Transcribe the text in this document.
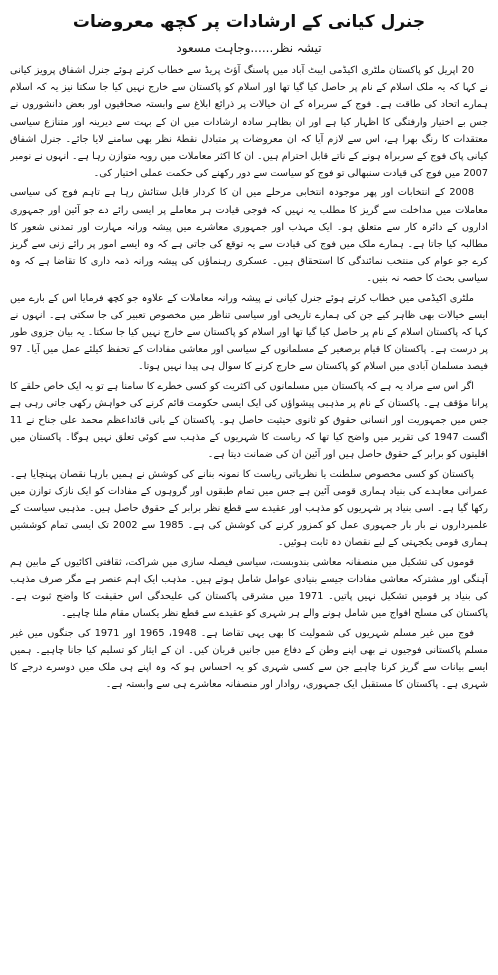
جنرل کیانی کے ارشادات پر کچھ معروضات
تیشہ نظر......وجاہت مسعود

20 اپریل کو پاکستان ملٹری اکیڈمی ایبٹ آباد میں پاسنگ آؤٹ پریڈ سے خطاب کرتے ہوئے جنرل اشفاق پرویز کیانی نے کہا کہ یہ ملک اسلام کے نام پر حاصل کیا گیا تھا اور اسلام کو پاکستان سے خارج نہیں کیا جا سکتا نیز یہ کہ اسلام ہمارے اتحاد کی طاقت ہے۔ فوج کے سربراہ کے ان خیالات پر ذرائع ابلاغ سے وابستہ صحافیوں اور بعض دانشوروں نے جس بے اختیار وارفتگی کا اظہار کیا ہے اور ان بظاہر سادہ ارشادات میں ان کے بہت سے دیرینہ اور متنازع سیاسی معتقدات کا رنگ بھرا ہے، اس سے لازم آیا کہ ان معروضات پر متبادل نقطۂ نظر بھی سامنے لایا جائے۔ جنرل اشفاق کیانی پاک فوج کے سربراہ ہونے کے ناتے قابل احترام ہیں۔ ان کا اکثر معاملات میں رویہ متوازن رہا ہے۔ انہوں نے نومبر 2007 میں فوج کی قیادت سنبھالی تو فوج کو سیاست سے دور رکھنے کی حکمت عملی اختیار کی۔

2008 کے انتخابات اور پھر موجودہ انتخابی مرحلے میں ان کا کردار قابل ستائش رہا ہے تاہم فوج کی سیاسی معاملات میں مداخلت سے گریز کا مطلب یہ نہیں کہ فوجی قیادت ہر معاملے پر ایسی رائے دے جو آئین اور جمہوری اداروں کے دائرہ کار سے متعلق ہو۔ ایک مہذب اور جمہوری معاشرے میں پیشہ ورانہ مہارت اور تمدنی شعور کا مطالبہ کیا جاتا ہے۔ ہمارے ملک میں فوج کی قیادت سے یہ توقع کی جاتی ہے کہ وہ ایسے امور پر رائے زنی سے گریز کرے جو عوام کی منتخب نمائندگی کا استحقاق ہیں۔ عسکری رہنماؤں کی پیشہ ورانہ ذمہ داری کا تقاضا ہے کہ وہ سیاسی بحث کا حصہ نہ بنیں۔

ملٹری اکیڈمی میں خطاب کرتے ہوئے جنرل کیانی نے پیشہ ورانہ معاملات کے علاوہ جو کچھ فرمایا اس کے بارے میں ایسے خیالات بھی ظاہر کیے جن کی ہمارے تاریخی اور سیاسی تناظر میں مخصوص تعبیر کی جا سکتی ہے۔ انہوں نے کہا کہ پاکستان اسلام کے نام پر حاصل کیا گیا تھا اور اسلام کو پاکستان سے خارج نہیں کیا جا سکتا۔ یہ بیان جزوی طور پر درست ہے۔ پاکستان کا قیام برصغیر کے مسلمانوں کے سیاسی اور معاشی مفادات کے تحفظ کیلئے عمل میں آیا۔ 97 فیصد مسلمان آبادی میں اسلام کو پاکستان سے خارج کرنے کا سوال ہی پیدا نہیں ہوتا۔

اگر اس سے مراد یہ ہے کہ پاکستان میں مسلمانوں کی اکثریت کو کسی خطرے کا سامنا ہے تو یہ ایک خاص حلقے کا پرانا مؤقف ہے۔ پاکستان کے نام پر مذہبی پیشواؤں کی ایک ایسی حکومت قائم کرنے کی خواہش رکھی جاتی رہی ہے جس میں جمہوریت اور انسانی حقوق کو ثانوی حیثیت حاصل ہو۔ پاکستان کے بانی قائداعظم محمد علی جناح نے 11 اگست 1947 کی تقریر میں واضح کیا تھا کہ ریاست کا شہریوں کے مذہب سے کوئی تعلق نہیں ہوگا۔ پاکستان میں اقلیتوں کو برابر کے حقوق حاصل ہیں اور آئین ان کی ضمانت دیتا ہے۔

پاکستان کو کسی مخصوص سلطنت یا نظریاتی ریاست کا نمونہ بنانے کی کوشش نے ہمیں بارہا نقصان پہنچایا ہے۔ عمرانی معاہدے کی بنیاد ہماری قومی آئین ہے جس میں تمام طبقوں اور گروہوں کے مفادات کو ایک نازک توازن میں رکھا گیا ہے۔ اسی بنیاد پر شہریوں کو مذہب اور عقیدے سے قطع نظر برابر کے حقوق حاصل ہیں۔ مذہبی سیاست کے علمبرداروں نے بار بار جمہوری عمل کو کمزور کرنے کی کوشش کی ہے۔ 1985 سے 2002 تک ایسی تمام کوششیں ہماری قومی یکجہتی کے لیے نقصان دہ ثابت ہوئیں۔

قوموں کی تشکیل میں منصفانہ معاشی بندوبست، سیاسی فیصلہ سازی میں شراکت، ثقافتی اکائیوں کے مابین ہم آہنگی اور مشترکہ معاشی مفادات جیسے بنیادی عوامل شامل ہوتے ہیں۔ مذہب ایک اہم عنصر ہے مگر صرف مذہب کی بنیاد پر قومیں تشکیل نہیں پاتیں۔ 1971 میں مشرقی پاکستان کی علیحدگی اس حقیقت کا واضح ثبوت ہے۔ پاکستان کی مسلح افواج میں شامل ہونے والے ہر شہری کو عقیدے سے قطع نظر یکساں مقام ملنا چاہیے۔

فوج میں غیر مسلم شہریوں کی شمولیت کا بھی یہی تقاضا ہے۔ 1948، 1965 اور 1971 کی جنگوں میں غیر مسلم پاکستانی فوجیوں نے بھی اپنے وطن کے دفاع میں جانیں قربان کیں۔ ان کے ایثار کو تسلیم کیا جانا چاہیے۔ ہمیں ایسے بیانات سے گریز کرنا چاہیے جن سے کسی شہری کو یہ احساس ہو کہ وہ اپنے ہی ملک میں دوسرے درجے کا شہری ہے۔ پاکستان کا مستقبل ایک جمہوری، روادار اور منصفانہ معاشرے ہی سے وابستہ ہے۔
